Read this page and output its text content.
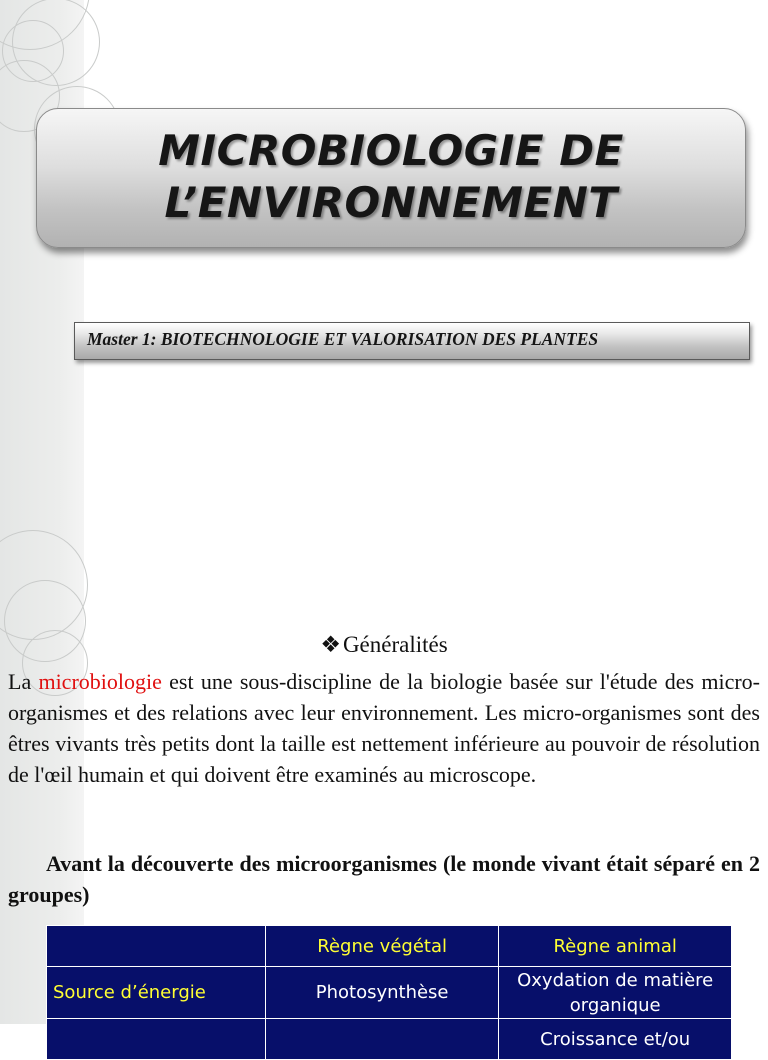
MICROBIOLOGIE DE
L’ENVIRONNEMENT
Master 1: BIOTECHNOLOGIE ET VALORISATION DES PLANTES
❖Généralités

La microbiologie est une sous-discipline de la biologie basée sur l'étude des micro-organismes et des relations avec leur environnement. Les micro-organismes sont des êtres vivants très petits dont la taille est nettement inférieure au pouvoir de résolution de l'œil humain et qui doivent être examinés au microscope.

Avant la découverte des microorganismes (le monde vivant était séparé en 2 groupes)

	Règne végétal	Règne animal
Source d’énergie	Photosynthèse	Oxydation de matière organique
		Croissance et/ou
